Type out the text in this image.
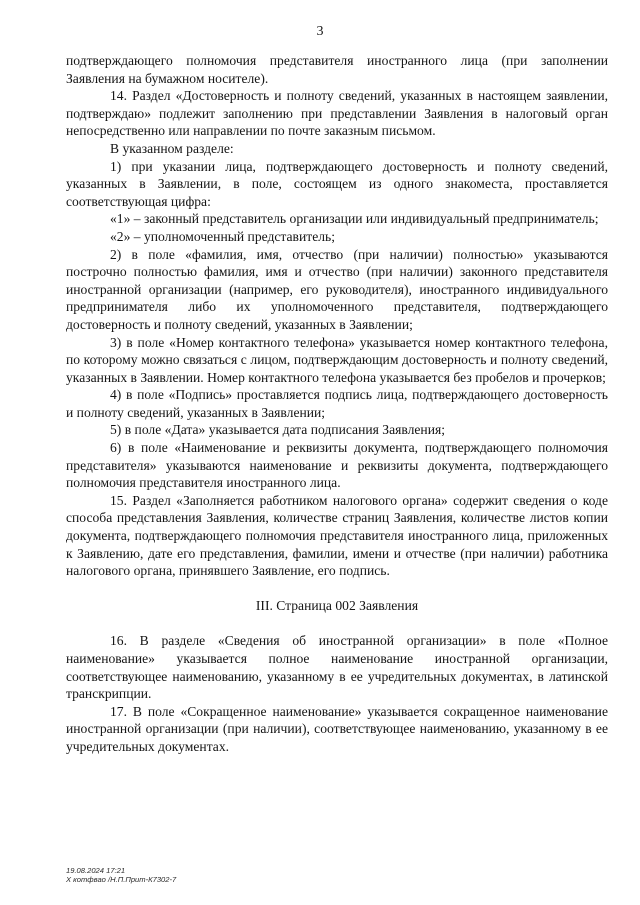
3

подтверждающего полномочия представителя иностранного лица (при заполнении Заявления на бумажном носителе).

14. Раздел «Достоверность и полноту сведений, указанных в настоящем заявлении, подтверждаю» подлежит заполнению при представлении Заявления в налоговый орган непосредственно или направлении по почте заказным письмом.

В указанном разделе:

1) при указании лица, подтверждающего достоверность и полноту сведений, указанных в Заявлении, в поле, состоящем из одного знакоместа, проставляется соответствующая цифра:

«1» – законный представитель организации или индивидуальный предприниматель;

«2» – уполномоченный представитель;

2) в поле «фамилия, имя, отчество (при наличии) полностью» указываются построчно полностью фамилия, имя и отчество (при наличии) законного представителя иностранной организации (например, его руководителя), иностранного индивидуального предпринимателя либо их уполномоченного представителя, подтверждающего достоверность и полноту сведений, указанных в Заявлении;

3) в поле «Номер контактного телефона» указывается номер контактного телефона, по которому можно связаться с лицом, подтверждающим достоверность и полноту сведений, указанных в Заявлении. Номер контактного телефона указывается без пробелов и прочерков;

4) в поле «Подпись» проставляется подпись лица, подтверждающего достоверность и полноту сведений, указанных в Заявлении;

5) в поле «Дата» указывается дата подписания Заявления;

6) в поле «Наименование и реквизиты документа, подтверждающего полномочия представителя» указываются наименование и реквизиты документа, подтверждающего полномочия представителя иностранного лица.

15. Раздел «Заполняется работником налогового органа» содержит сведения о коде способа представления Заявления, количестве страниц Заявления, количестве листов копии документа, подтверждающего полномочия представителя иностранного лица, приложенных к Заявлению, дате его представления, фамилии, имени и отчестве (при наличии) работника налогового органа, принявшего Заявление, его подпись.

III. Страница 002 Заявления

16. В разделе «Сведения об иностранной организации» в поле «Полное наименование» указывается полное наименование иностранной организации, соответствующее наименованию, указанному в ее учредительных документах, в латинской транскрипции.

17. В поле «Сокращенное наименование» указывается сокращенное наименование иностранной организации (при наличии), соответствующее наименованию, указанному в ее учредительных документах.

19.08.2024 17:21
Х котфвао /Н.П.Прит-К7302-7
